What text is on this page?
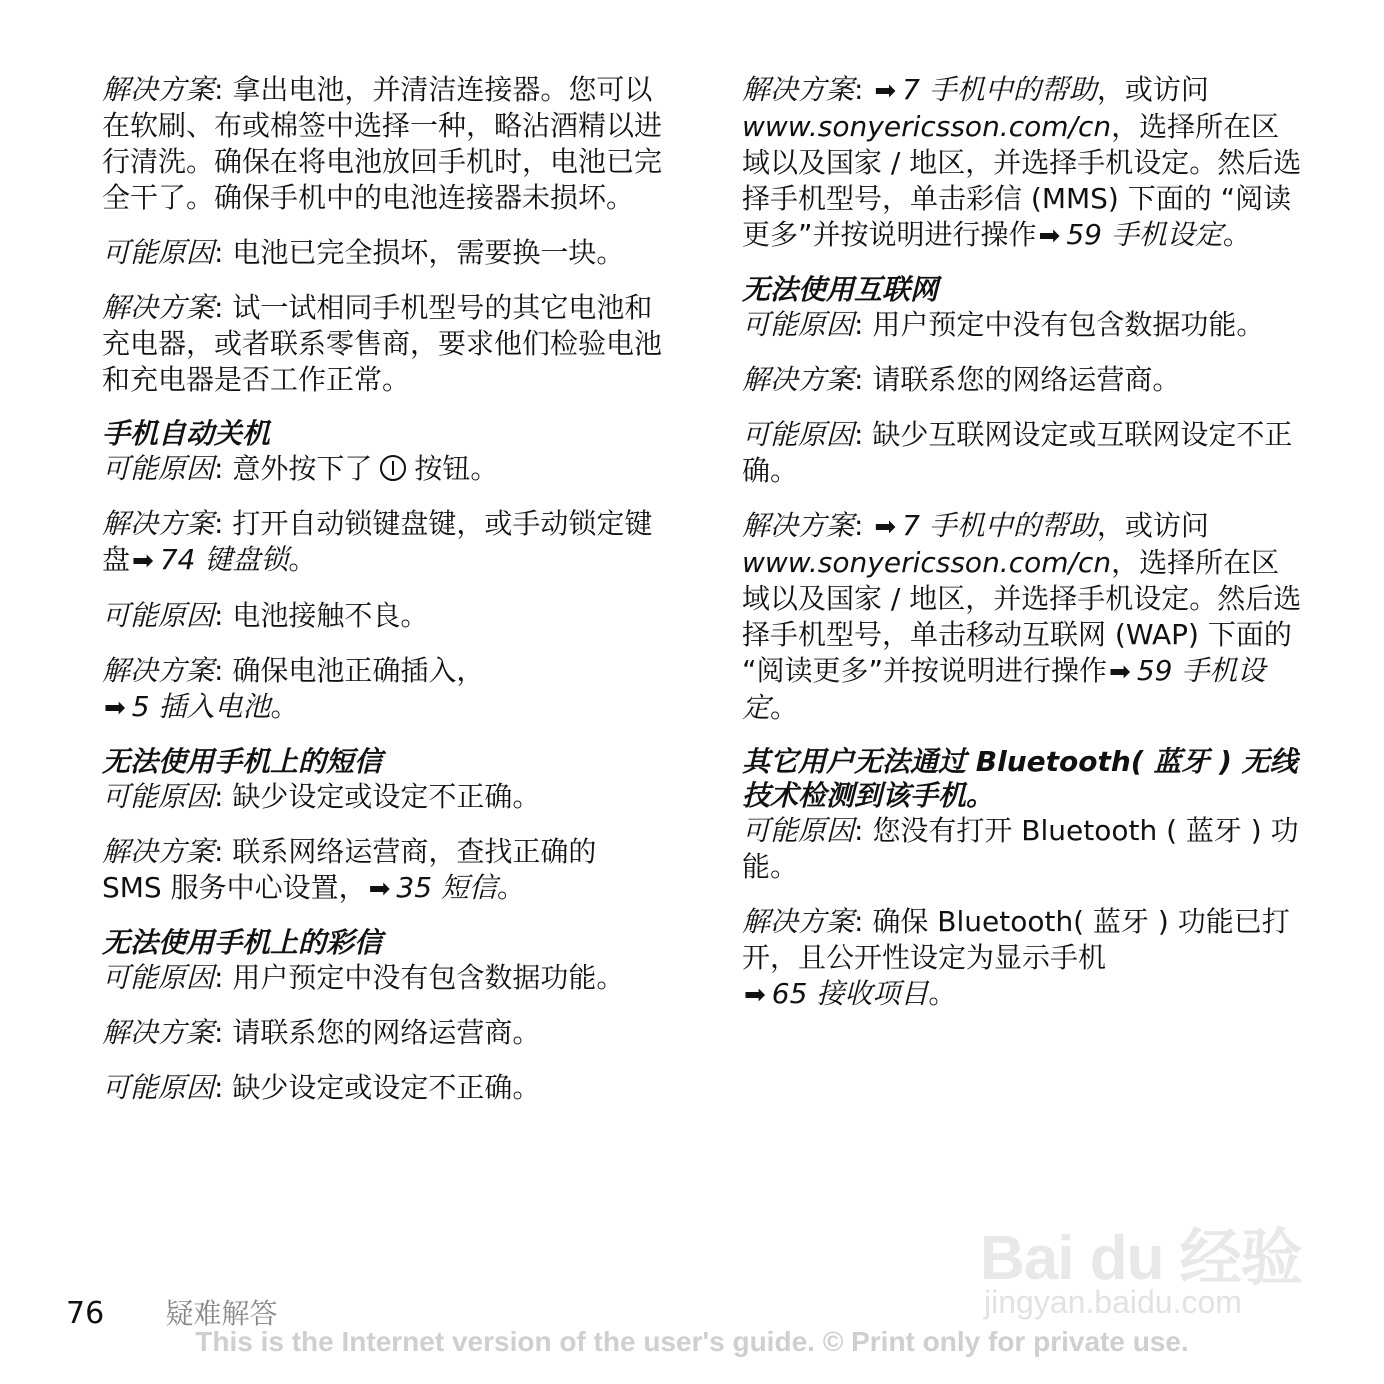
解决方案: 拿出电池，并清洁连接器。您可以在软刷、布或棉签中选择一种，略沾酒精以进行清洗。确保在将电池放回手机时，电池已完全干了。确保手机中的电池连接器未损坏。

可能原因: 电池已完全损坏，需要换一块。

解决方案: 试一试相同手机型号的其它电池和充电器，或者联系零售商，要求他们检验电池和充电器是否工作正常。

手机自动关机

可能原因: 意外按下了 按钮。

解决方案: 打开自动锁键盘键，或手动锁定键盘➡ 74 键盘锁。

可能原因: 电池接触不良。

解决方案: 确保电池正确插入，
➡ 5 插入电池。

无法使用手机上的短信

可能原因: 缺少设定或设定不正确。

解决方案: 联系网络运营商，查找正确的 SMS 服务中心设置，➡ 35 短信。

无法使用手机上的彩信

可能原因: 用户预定中没有包含数据功能。

解决方案: 请联系您的网络运营商。

可能原因: 缺少设定或设定不正确。

解决方案: ➡ 7 手机中的帮助，或访问 www.sonyericsson.com/cn，选择所在区域以及国家 / 地区，并选择手机设定。然后选择手机型号，单击彩信 (MMS) 下面的 “阅读更多”并按说明进行操作➡ 59 手机设定。

无法使用互联网

可能原因: 用户预定中没有包含数据功能。

解决方案: 请联系您的网络运营商。

可能原因: 缺少互联网设定或互联网设定不正确。

解决方案: ➡ 7 手机中的帮助，或访问 www.sonyericsson.com/cn，选择所在区域以及国家 / 地区，并选择手机设定。然后选择手机型号，单击移动互联网 (WAP) 下面的 “阅读更多”并按说明进行操作➡ 59 手机设定。

其它用户无法通过 Bluetooth( 蓝牙 ) 无线技术检测到该手机。

可能原因: 您没有打开 Bluetooth ( 蓝牙 ) 功能。

解决方案: 确保 Bluetooth( 蓝牙 ) 功能已打开，且公开性设定为显示手机
➡ 65 接收项目。

Bai du 经验
jingyan.baidu.com
76 疑难解答
This is the Internet version of the user's guide. © Print only for private use.
